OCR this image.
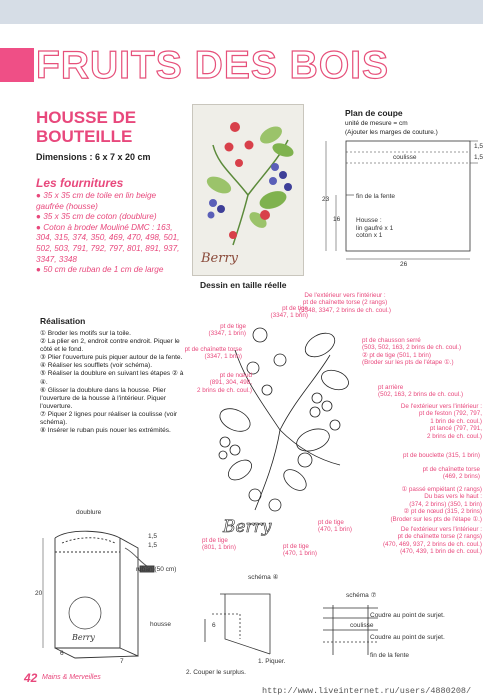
FRUITS DES BOIS
HOUSSE DE
BOUTEILLE
Dimensions : 6 x 7 x 20 cm
Les fournitures
● 35 x 35 cm de toile en lin beige gaufrée (housse)
● 35 x 35 cm de coton (doublure)
● Coton à broder Mouliné DMC : 163, 304, 315, 374, 350, 469, 470, 498, 501, 502, 503, 791, 792, 797, 801, 891, 937, 3347, 3348
● 50 cm de ruban de 1 cm de large
Berry
Dessin en taille réelle
Plan de coupe
unité de mesure = cm
(Ajouter les marges de couture.)
coulisse
fin de la fente
Housse :
lin gaufré x 1
coton x 1
23
16
26
1,5
1,5
Réalisation
① Broder les motifs sur la toile.
② La plier en 2, endroit contre endroit. Piquer le côté et le fond.
③ Plier l'ouverture puis piquer autour de la fente.
④ Réaliser les soufflets (voir schéma).
⑤ Réaliser la doublure en suivant les étapes ② à ④.
⑥ Glisser la doublure dans la housse. Plier l'ouverture de la housse à l'intérieur. Piquer l'ouverture.
⑦ Piquer 2 lignes pour réaliser la coulisse (voir schéma).
⑧ Insérer le ruban puis nouer les extrémités.
Berry
De l'extérieur vers l'intérieur :
pt de chaînette torse (2 rangs)
(3348, 3347, 2 brins de ch. coul.)
pt de tige
(3347, 1 brin)
pt de tige
(3347, 1 brin)
pt de chaînette torse
(3347, 1 brin)
pt de nœud
(891, 304, 498,
2 brins de ch. coul.)
pt de chausson serré
(503, 502, 163, 2 brins de ch. coul.)
② pt de tige (501, 1 brin)
(Broder sur les pts de l'étape ①.)
pt arrière
(502, 163, 2 brins de ch. coul.)
De l'extérieur vers l'intérieur :
pt de feston (792, 797,
1 brin de ch. coul.)
pt lancé (797, 791,
2 brins de ch. coul.)
pt de bouclette (315, 1 brin)
pt de chaînette torse
(469, 2 brins)
① passé empiétant (2 rangs)
Du bas vers le haut :
(374, 2 brins) (350, 1 brin)
② pt de nœud (315, 2 brins)
(Broder sur les pts de l'étape ①.)
De l'extérieur vers l'intérieur :
pt de chaînette torse (2 rangs)
(470, 469, 937, 2 brins de ch. coul.)
(470, 439, 1 brin de ch. coul.)
pt de tige
(801, 1 brin)	pt de tige
(470, 1 brin)
pt de tige
(470, 1 brin)
doublure
1,5
1,5
Berry
ruban (50 cm)
housse
7
6
20
schéma ④
6
1. Piquer.
2. Couper le surplus.
schéma ⑦
Coudre au point de surjet.
coulisse
Coudre au point de surjet.
fin de la fente
42 Mains & Merveilles
http://www.liveinternet.ru/users/4880208/
